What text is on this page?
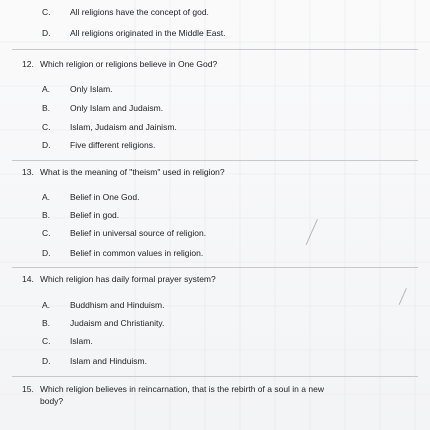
C. All religions have the concept of god.
D. All religions originated in the Middle East.
12. Which religion or religions believe in One God?
A. Only Islam.
B. Only Islam and Judaism.
C. Islam, Judaism and Jainism.
D. Five different religions.
13. What is the meaning of "theism" used in religion?
A. Belief in One God.
B. Belief in god.
C. Belief in universal source of religion.
D. Belief in common values in religion.
14. Which religion has daily formal prayer system?
A. Buddhism and Hinduism.
B. Judaism and Christianity.
C. Islam.
D. Islam and Hinduism.
15. Which religion believes in reincarnation, that is the rebirth of a soul in a new
body?
